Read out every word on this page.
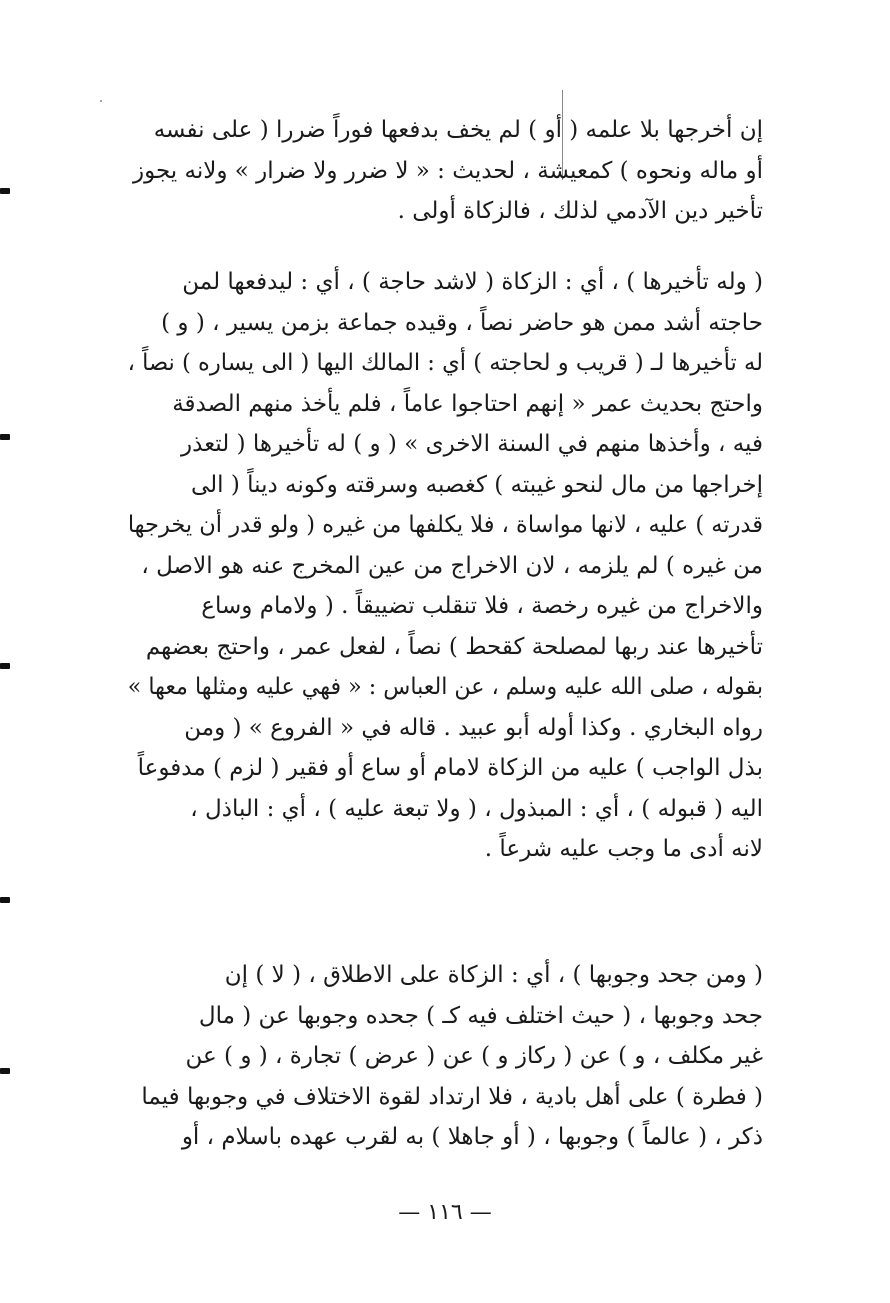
إن أخرجها بلا علمه ( أو ) لم يخف بدفعها فوراً ضررا ( على نفسه
أو ماله ونحوه ) كمعيشة ، لحديث : « لا ضرر ولا ضرار » ولانه يجوز
تأخير دين الآدمي لذلك ، فالزكاة أولى .

( وله تأخيرها ) ، أي : الزكاة ( لاشد حاجة ) ، أي : ليدفعها لمن
حاجته أشد ممن هو حاضر نصاً ، وقيده جماعة بزمن يسير ، ( و )
له تأخيرها لـ ( قريب و لحاجته ) أي : المالك اليها ( الى يساره ) نصاً ،
واحتج بحديث عمر « إنهم احتاجوا عاماً ، فلم يأخذ منهم الصدقة
فيه ، وأخذها منهم في السنة الاخرى » ( و ) له تأخيرها ( لتعذر
إخراجها من مال لنحو غيبته ) كغصبه وسرقته وكونه ديناً ( الى
قدرته ) عليه ، لانها مواساة ، فلا يكلفها من غيره ( ولو قدر أن يخرجها
من غيره ) لم يلزمه ، لان الاخراج من عين المخرج عنه هو الاصل ،
والاخراج من غيره رخصة ، فلا تنقلب تضييقاً . ( ولامام وساع
تأخيرها عند ربها لمصلحة كقحط ) نصاً ، لفعل عمر ، واحتج بعضهم
بقوله ، صلى الله عليه وسلم ، عن العباس : « فهي عليه ومثلها معها »
رواه البخاري . وكذا أوله أبو عبيد . قاله في « الفروع » ( ومن
بذل الواجب ) عليه من الزكاة لامام أو ساع أو فقير ( لزم ) مدفوعاً
اليه ( قبوله ) ، أي : المبذول ، ( ولا تبعة عليه ) ، أي : الباذل ،
لانه أدى ما وجب عليه شرعاً .

( ومن جحد وجوبها ) ، أي : الزكاة على الاطلاق ، ( لا ) إن
جحد وجوبها ، ( حيث اختلف فيه كـ ) جحده وجوبها عن ( مال
غير مكلف ، و ) عن ( ركاز و ) عن ( عرض ) تجارة ، ( و ) عن
( فطرة ) على أهل بادية ، فلا ارتداد لقوة الاختلاف في وجوبها فيما
ذكر ، ( عالماً ) وجوبها ، ( أو جاهلا ) به لقرب عهده باسلام ، أو

— ١١٦ —
